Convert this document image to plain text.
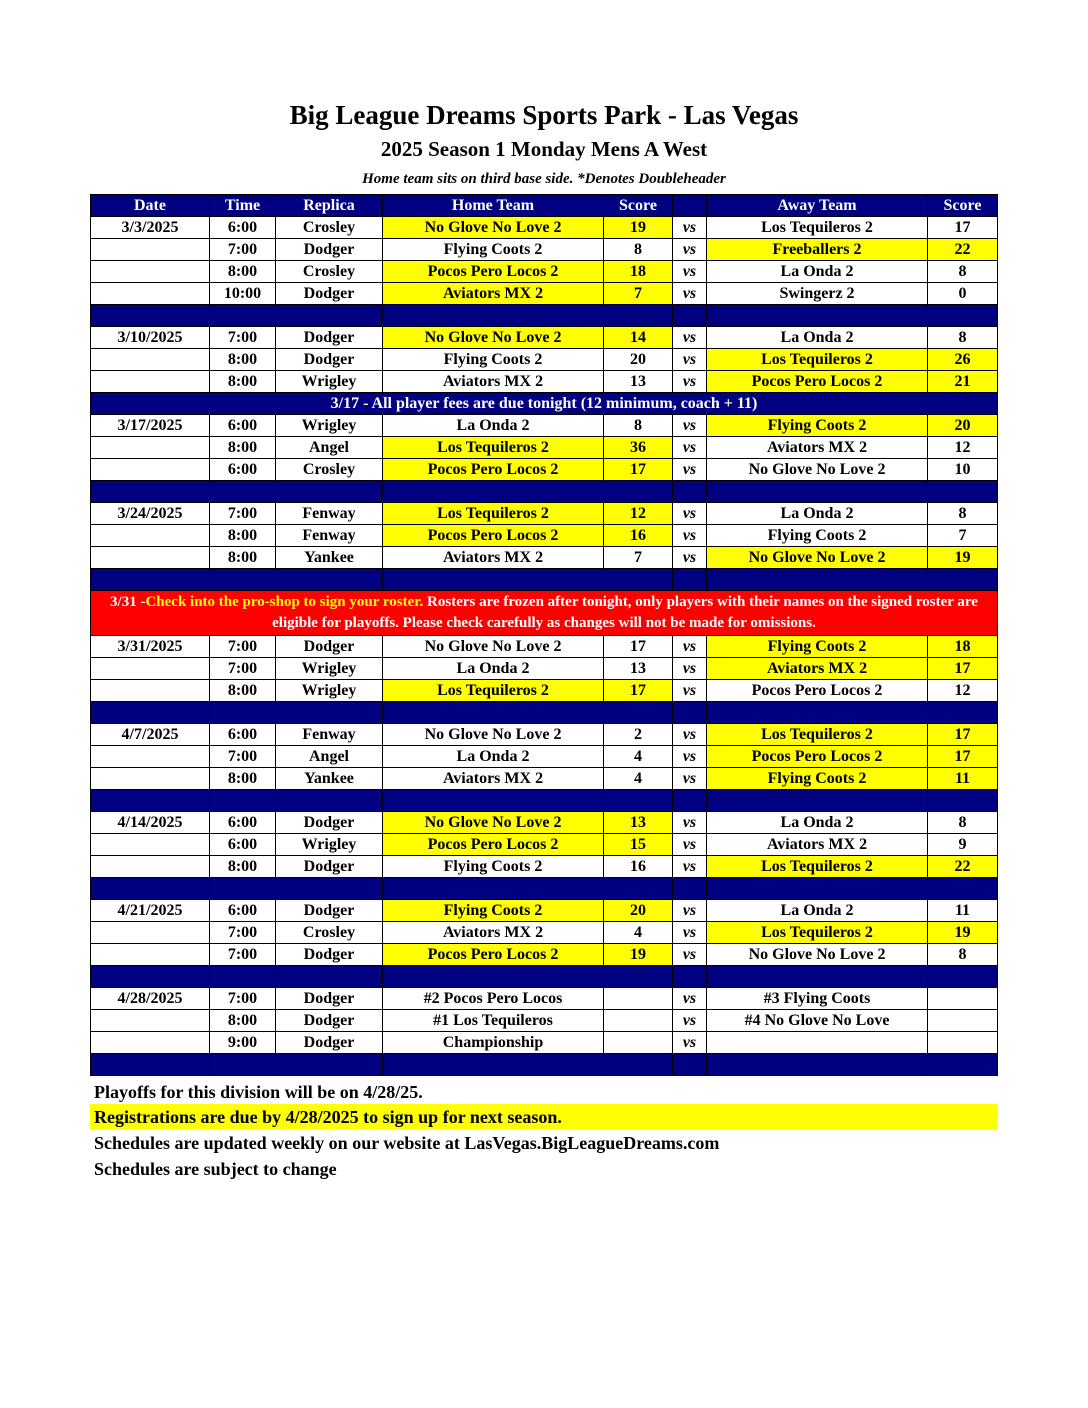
Big League Dreams Sports Park - Las Vegas
2025 Season 1 Monday Mens A West
Home team sits on third base side. *Denotes Doubleheader
Date	Time	Replica	Home Team	Score		Away Team	Score
3/3/2025	6:00	Crosley	No Glove No Love 2	19	vs	Los Tequileros 2	17
	7:00	Dodger	Flying Coots 2	8	vs	Freeballers 2	22
	8:00	Crosley	Pocos Pero Locos 2	18	vs	La Onda 2	8
	10:00	Dodger	Aviators MX 2	7	vs	Swingerz 2	0

3/10/2025	7:00	Dodger	No Glove No Love 2	14	vs	La Onda 2	8
	8:00	Dodger	Flying Coots 2	20	vs	Los Tequileros 2	26
	8:00	Wrigley	Aviators MX 2	13	vs	Pocos Pero Locos 2	21
3/17 - All player fees are due tonight (12 minimum, coach + 11)							
3/17/2025	6:00	Wrigley	La Onda 2	8	vs	Flying Coots 2	20
	8:00	Angel	Los Tequileros 2	36	vs	Aviators MX 2	12
	6:00	Crosley	Pocos Pero Locos 2	17	vs	No Glove No Love 2	10

3/24/2025	7:00	Fenway	Los Tequileros 2	12	vs	La Onda 2	8
	8:00	Fenway	Pocos Pero Locos 2	16	vs	Flying Coots 2	7
	8:00	Yankee	Aviators MX 2	7	vs	No Glove No Love 2	19

3/31 -Check into the pro-shop to sign your roster. Rosters are frozen after tonight, only players with their names on the signed roster are eligible for playoffs. Please check carefully as changes will not be made for omissions.							
3/31/2025	7:00	Dodger	No Glove No Love 2	17	vs	Flying Coots 2	18
	7:00	Wrigley	La Onda 2	13	vs	Aviators MX 2	17
	8:00	Wrigley	Los Tequileros 2	17	vs	Pocos Pero Locos 2	12

4/7/2025	6:00	Fenway	No Glove No Love 2	2	vs	Los Tequileros 2	17
	7:00	Angel	La Onda 2	4	vs	Pocos Pero Locos 2	17
	8:00	Yankee	Aviators MX 2	4	vs	Flying Coots 2	11

4/14/2025	6:00	Dodger	No Glove No Love 2	13	vs	La Onda 2	8
	6:00	Wrigley	Pocos Pero Locos 2	15	vs	Aviators MX 2	9
	8:00	Dodger	Flying Coots 2	16	vs	Los Tequileros 2	22

4/21/2025	6:00	Dodger	Flying Coots 2	20	vs	La Onda 2	11
	7:00	Crosley	Aviators MX 2	4	vs	Los Tequileros 2	19
	7:00	Dodger	Pocos Pero Locos 2	19	vs	No Glove No Love 2	8

4/28/2025	7:00	Dodger	#2 Pocos Pero Locos		vs	#3 Flying Coots	
	8:00	Dodger	#1 Los Tequileros		vs	#4 No Glove No Love	
	9:00	Dodger	Championship		vs		

Playoffs for this division will be on 4/28/25.
Registrations are due by 4/28/2025 to sign up for next season.
Schedules are updated weekly on our website at LasVegas.BigLeagueDreams.com
Schedules are subject to change
